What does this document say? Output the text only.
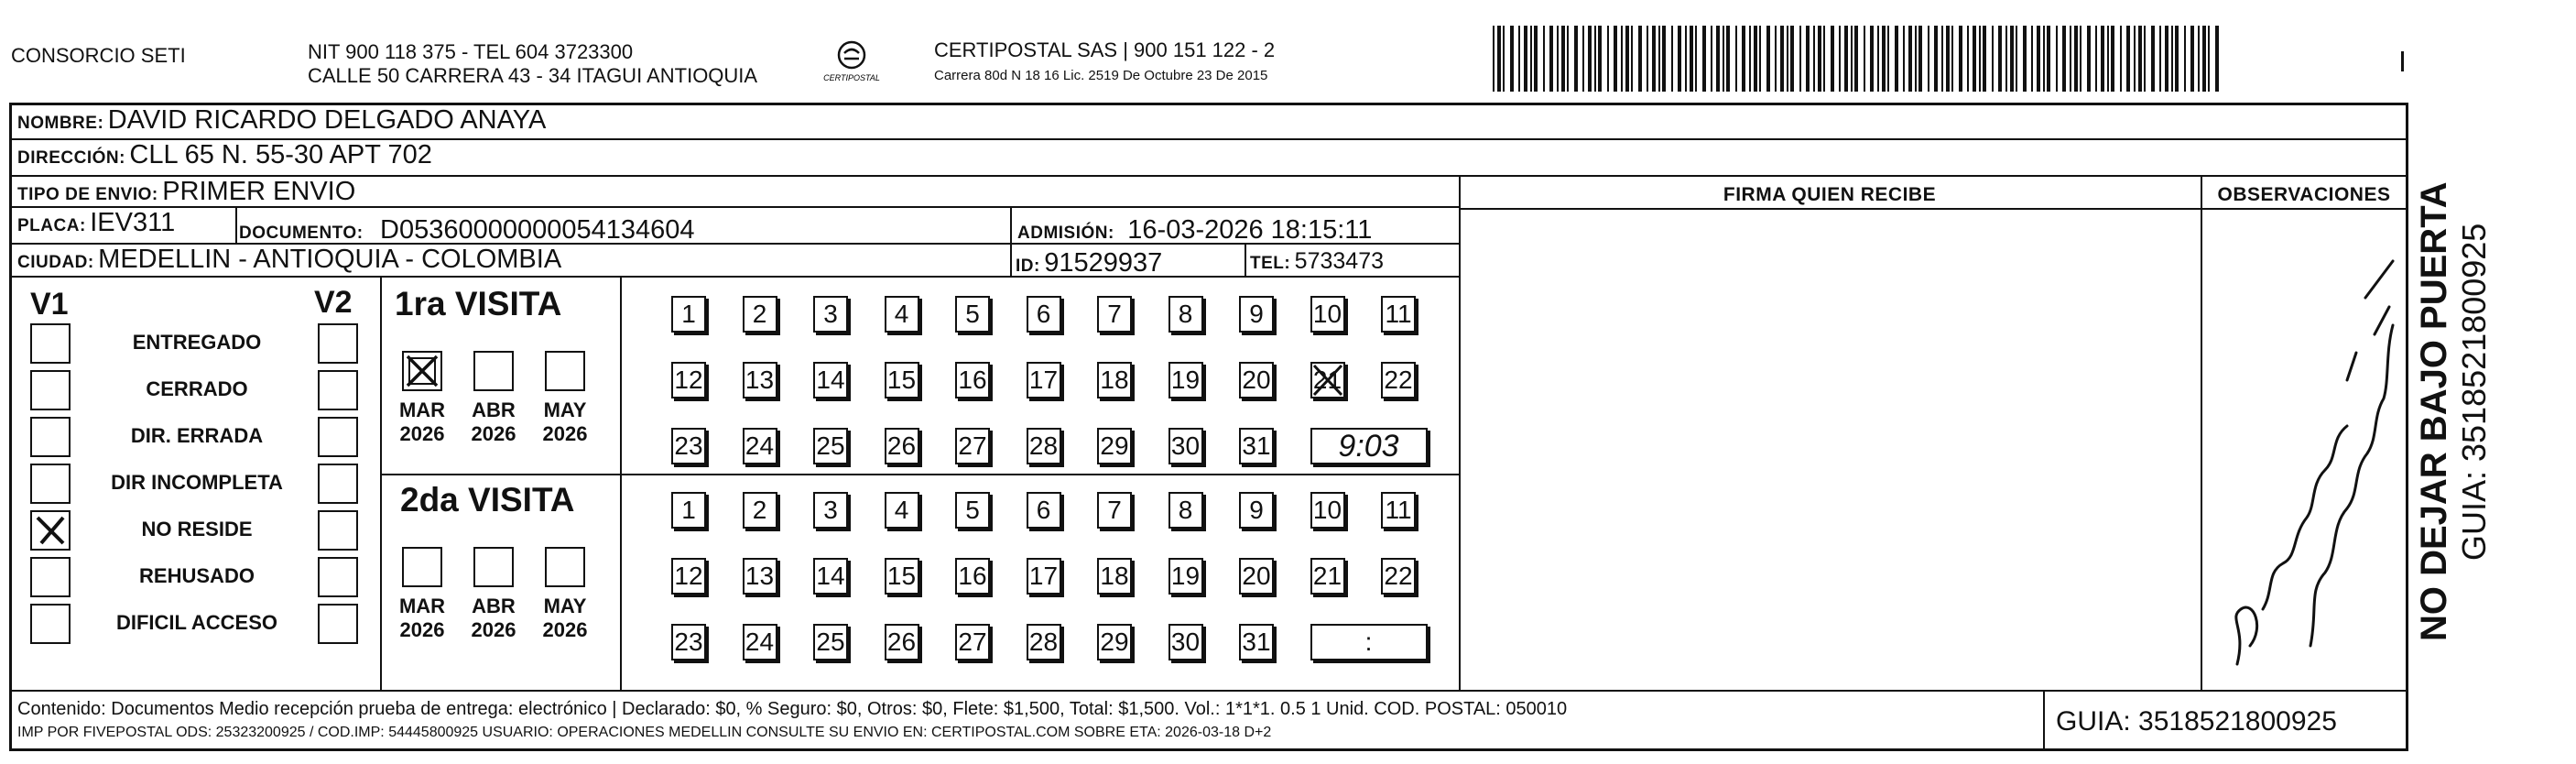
CONSORCIO SETI	NIT 900 118 375 - TEL 604 3723300
CALLE 50 CARRERA 43 - 34 ITAGUI ANTIOQUIA	CERTIPOSTAL
CERTIPOSTAL SAS | 900 151 122 - 2
Carrera 80d N 18 16 Lic. 2519 De Octubre 23 De 2015
NOMBRE: DAVID RICARDO DELGADO ANAYA
DIRECCIÓN: CLL 65 N. 55-30 APT 702
TIPO DE ENVIO: PRIMER ENVIO
PLACA: IEV311	DOCUMENTO: D05360000000054134604	ADMISIÓN: 16-03-2026 18:15:11
CIUDAD: MEDELLIN - ANTIOQUIA - COLOMBIA	ID: 91529937	TEL: 5733473
FIRMA QUIEN RECIBE	OBSERVACIONES
V1	V2 1ra VISITA
2da VISITA
Contenido: Documentos Medio recepción prueba de entrega: electrónico | Declarado: $0, % Seguro: $0, Otros: $0, Flete: $1,500, Total: $1,500. Vol.: 1*1*1. 0.5 1 Unid. COD. POSTAL: 050010
IMP POR FIVEPOSTAL ODS: 25323200925 / COD.IMP: 54445800925 USUARIO: OPERACIONES MEDELLIN CONSULTE SU ENVIO EN: CERTIPOSTAL.COM SOBRE ETA: 2026-03-18 D+2	GUIA: 3518521800925
ENTREGADO
CERRADO
DIR. ERRADA
DIR INCOMPLETA
NO RESIDE
REHUSADO
DIFICIL ACCESO
MAR
2026
ABR
2026
MAY
2026
1	2	3	4	5	6	7	8	9	10 11
12 13 14 15 16 17 18 19 20 21 22
23 24 25 26 27 28 29 30 31	9:03
MAR
2026
ABR
2026
MAY
2026
1	2	3	4	5	6	7	8	9	10 11
12 13 14 15 16 17 18 19 20 21 22
23 24 25 26 27 28 29 30 31	:
NO DEJAR BAJO PUERTA GUIA: 3518521800925
